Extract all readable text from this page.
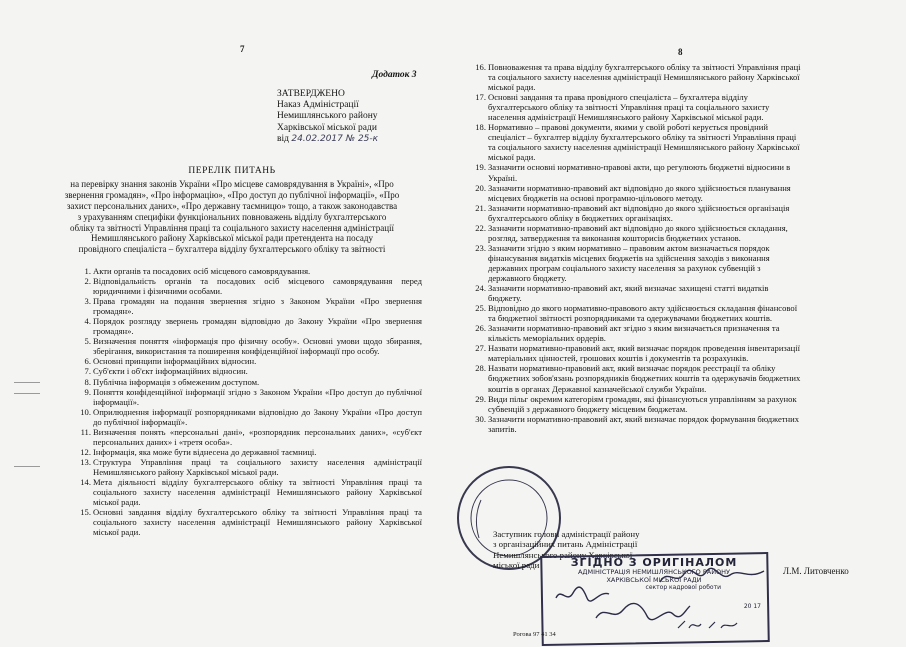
7
Додаток 3
ЗАТВЕРДЖЕНО
Наказ Адміністрації
Немишлянського району
Харківської міської ради
від 24.02.2017 № 25-к
ПЕРЕЛІК ПИТАНЬ
на перевірку знання законів України «Про місцеве самоврядування в Україні», «Про
звернення громадян», «Про інформацію», «Про доступ до публічної інформації», «Про
захист персональних даних», «Про державну таємницю» тощо, а також законодавства
з урахуванням специфіки функціональних повноважень відділу бухгалтерського
обліку та звітності Управління праці та соціального захисту населення адміністрації
Немишлянського району Харківської міської ради претендента на посаду
провідного спеціаліста – бухгалтера відділу бухгалтерського обліку та звітності
1. Акти органів та посадових осіб місцевого самоврядування.
2. Відповідальність органів та посадових осіб місцевого самоврядування перед юридичними і фізичними особами.
3. Права громадян на подання звернення згідно з Законом України «Про звернення громадян».
4. Порядок розгляду звернень громадян відповідно до Закону України «Про звернення громадян».
5. Визначення поняття «інформація про фізичну особу». Основні умови щодо збирання, зберігання, використання та поширення конфіденційної інформації про особу.
6. Основні принципи інформаційних відносин.
7. Суб'єкти і об'єкт інформаційних відносин.
8. Публічна інформація з обмеженим доступом.
9. Поняття конфіденційної інформації згідно з Законом України «Про доступ до публічної інформації».
10. Оприлюднення інформації розпорядниками відповідно до Закону України «Про доступ до публічної інформації».
11. Визначення понять «персональні дані», «розпорядник персональних даних», «суб'єкт персональних даних» і «третя особа».
12. Інформація, яка може бути віднесена до державної таємниці.
13. Структура Управління праці та соціального захисту населення адміністрації Немишлянського району Харківської міської ради.
14. Мета діяльності відділу бухгалтерського обліку та звітності Управління праці та соціального захисту населення адміністрації Немишлянського району Харківської міської ради.
15. Основні завдання відділу бухгалтерського обліку та звітності Управління праці та соціального захисту населення адміністрації Немишлянського району Харківської міської ради.
8
16. Повноваження та права відділу бухгалтерського обліку та звітності Управління праці та соціального захисту населення адміністрації Немишлянського району Харківської міської ради.
17. Основні завдання та права провідного спеціаліста – бухгалтера відділу бухгалтерського обліку та звітності Управління праці та соціального захисту населення адміністрації Немишлянського району Харківської міської ради.
18. Нормативно – правові документи, якими у своїй роботі керується провідний спеціаліст – бухгалтер відділу бухгалтерського обліку та звітності Управління праці та соціального захисту населення адміністрації Немишлянського району Харківської міської ради.
19. Зазначити основні нормативно-правові акти, що регулюють бюджетні відносини в Україні.
20. Зазначити нормативно-правовий акт відповідно до якого здійснюється планування місцевих бюджетів на основі програмно-цільового методу.
21. Зазначити нормативно-правовий акт відповідно до якого здійснюється організація бухгалтерського обліку в бюджетних організаціях.
22. Зазначити нормативно-правовий акт відповідно до якого здійснюється складання, розгляд, затвердження та виконання кошторисів бюджетних установ.
23. Зазначити згідно з яким нормативно – правовим актом визначається порядок фінансування видатків місцевих бюджетів на здійснення заходів з виконання державних програм соціального захисту населення за рахунок субвенцій з державного бюджету.
24. Зазначити нормативно-правовий акт, який визначає захищені статті видатків бюджету.
25. Відповідно до якого нормативно-правового акту здійснюється складання фінансової та бюджетної звітності розпорядниками та одержувачами бюджетних коштів.
26. Зазначити нормативно-правовий акт згідно з яким визначається призначення та кількість меморіальних ордерів.
27. Назвати нормативно-правовий акт, який визначає порядок проведення інвентаризації матеріальних цінностей, грошових коштів і документів та розрахунків.
28. Назвати нормативно-правовий акт, який визначає порядок реєстрації та обліку бюджетних зобов'язань розпорядників бюджетних коштів та одержувачів бюджетних коштів в органах Державної казначейської служби України.
29. Види пільг окремим категоріям громадян, які фінансуються управлінням за рахунок субвенцій з державного бюджету місцевим бюджетам.
30. Зазначити нормативно-правовий акт, який визначає порядок формування бюджетних запитів.
Заступник голови адміністрації району
з організаційних питань Адміністрації
Немишлянського району Харківської
міської ради
Л.М. Литовченко
ЗГІДНО З ОРИГІНАЛОМ
АДМІНІСТРАЦІЯ НЕМИШЛЯНСЬКОГО РАЙОНУ
ХАРКІВСЬКОЇ МІСЬКОЇ РАДИ
сектор кадрової роботи
20 17
Рогова 97 41 34
